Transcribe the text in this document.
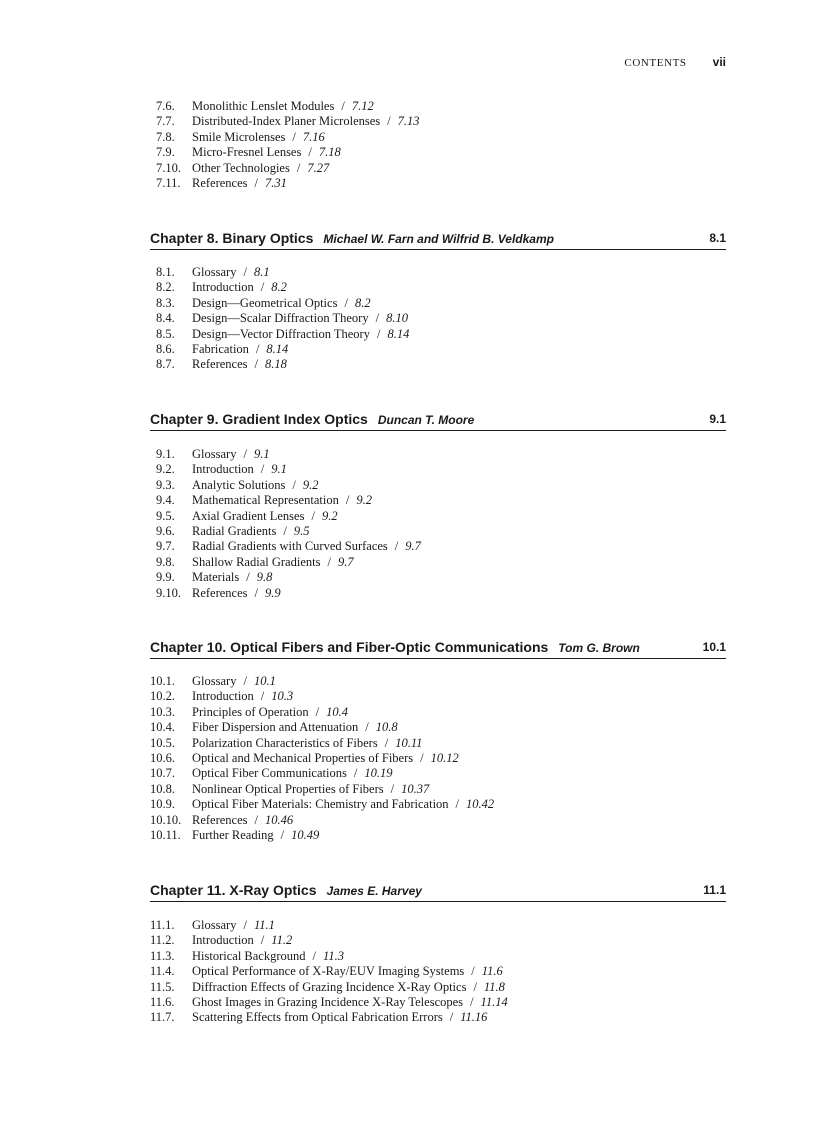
CONTENTS vii
7.6. Monolithic Lenslet Modules / 7.12
7.7. Distributed-Index Planer Microlenses / 7.13
7.8. Smile Microlenses / 7.16
7.9. Micro-Fresnel Lenses / 7.18
7.10. Other Technologies / 7.27
7.11. References / 7.31
Chapter 8. Binary Optics Michael W. Farn and Wilfrid B. Veldkamp	8.1
8.1. Glossary / 8.1
8.2. Introduction / 8.2
8.3. Design—Geometrical Optics / 8.2
8.4. Design—Scalar Diffraction Theory / 8.10
8.5. Design—Vector Diffraction Theory / 8.14
8.6. Fabrication / 8.14
8.7. References / 8.18
Chapter 9. Gradient Index Optics Duncan T. Moore	9.1
9.1. Glossary / 9.1
9.2. Introduction / 9.1
9.3. Analytic Solutions / 9.2
9.4. Mathematical Representation / 9.2
9.5. Axial Gradient Lenses / 9.2
9.6. Radial Gradients / 9.5
9.7. Radial Gradients with Curved Surfaces / 9.7
9.8. Shallow Radial Gradients / 9.7
9.9. Materials / 9.8
9.10. References / 9.9
Chapter 10. Optical Fibers and Fiber-Optic Communications Tom G. Brown	10.1
10.1. Glossary / 10.1
10.2. Introduction / 10.3
10.3. Principles of Operation / 10.4
10.4. Fiber Dispersion and Attenuation / 10.8
10.5. Polarization Characteristics of Fibers / 10.11
10.6. Optical and Mechanical Properties of Fibers / 10.12
10.7. Optical Fiber Communications / 10.19
10.8. Nonlinear Optical Properties of Fibers / 10.37
10.9. Optical Fiber Materials: Chemistry and Fabrication / 10.42
10.10. References / 10.46
10.11. Further Reading / 10.49
Chapter 11. X-Ray Optics James E. Harvey	11.1
11.1. Glossary / 11.1
11.2. Introduction / 11.2
11.3. Historical Background / 11.3
11.4. Optical Performance of X-Ray/EUV Imaging Systems / 11.6
11.5. Diffraction Effects of Grazing Incidence X-Ray Optics / 11.8
11.6. Ghost Images in Grazing Incidence X-Ray Telescopes / 11.14
11.7. Scattering Effects from Optical Fabrication Errors / 11.16
